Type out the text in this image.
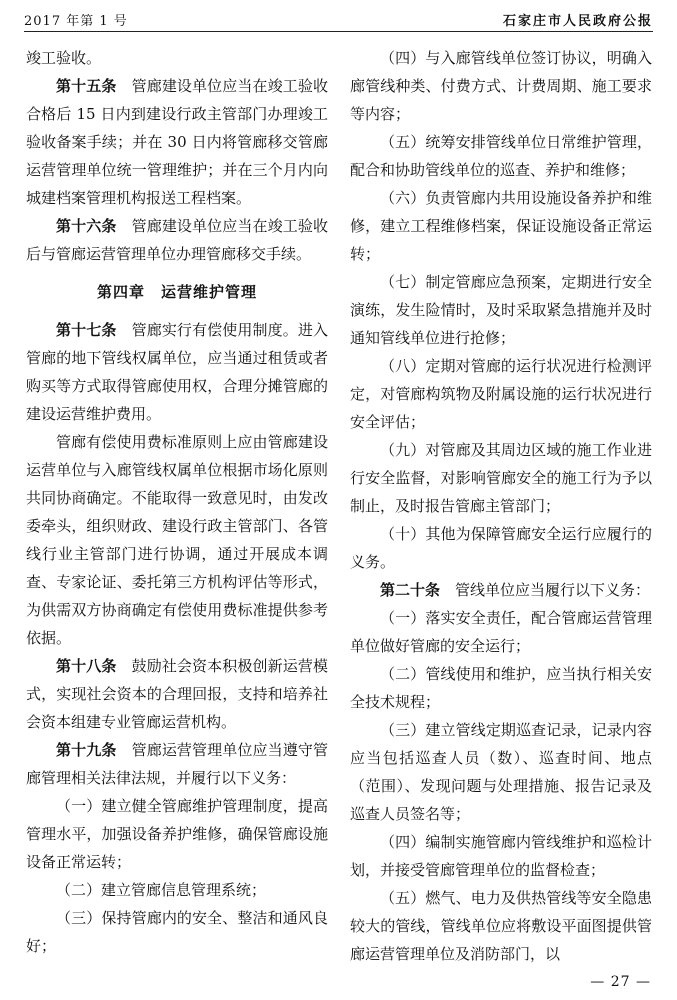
2017 年第 1 号	石家庄市人民政府公报

竣工验收。

第十五条　管廊建设单位应当在竣工验收合格后 15 日内到建设行政主管部门办理竣工验收备案手续；并在 30 日内将管廊移交管廊运营管理单位统一管理维护；并在三个月内向城建档案管理机构报送工程档案。

第十六条　管廊建设单位应当在竣工验收后与管廊运营管理单位办理管廊移交手续。

第四章　运营维护管理

第十七条　管廊实行有偿使用制度。进入管廊的地下管线权属单位，应当通过租赁或者购买等方式取得管廊使用权，合理分摊管廊的建设运营维护费用。

管廊有偿使用费标准原则上应由管廊建设运营单位与入廊管线权属单位根据市场化原则共同协商确定。不能取得一致意见时，由发改委牵头，组织财政、建设行政主管部门、各管线行业主管部门进行协调，通过开展成本调查、专家论证、委托第三方机构评估等形式，为供需双方协商确定有偿使用费标准提供参考依据。

第十八条　鼓励社会资本积极创新运营模式，实现社会资本的合理回报，支持和培养社会资本组建专业管廊运营机构。

第十九条　管廊运营管理单位应当遵守管廊管理相关法律法规，并履行以下义务：

（一）建立健全管廊维护管理制度，提高管理水平，加强设备养护维修，确保管廊设施设备正常运转；

（二）建立管廊信息管理系统；

（三）保持管廊内的安全、整洁和通风良好；

（四）与入廊管线单位签订协议，明确入廊管线种类、付费方式、计费周期、施工要求等内容；

（五）统筹安排管线单位日常维护管理，配合和协助管线单位的巡查、养护和维修；

（六）负责管廊内共用设施设备养护和维修，建立工程维修档案，保证设施设备正常运转；

（七）制定管廊应急预案，定期进行安全演练，发生险情时，及时采取紧急措施并及时通知管线单位进行抢修；

（八）定期对管廊的运行状况进行检测评定，对管廊构筑物及附属设施的运行状况进行安全评估；

（九）对管廊及其周边区域的施工作业进行安全监督，对影响管廊安全的施工行为予以制止，及时报告管廊主管部门；

（十）其他为保障管廊安全运行应履行的义务。

第二十条　管线单位应当履行以下义务：

（一）落实安全责任，配合管廊运营管理单位做好管廊的安全运行；

（二）管线使用和维护，应当执行相关安全技术规程；

（三）建立管线定期巡查记录，记录内容应当包括巡查人员（数）、巡查时间、地点（范围）、发现问题与处理措施、报告记录及巡查人员签名等；

（四）编制实施管廊内管线维护和巡检计划，并接受管廊管理单位的监督检查；

（五）燃气、电力及供热管线等安全隐患较大的管线，管线单位应将敷设平面图提供管廊运营管理单位及消防部门，以

— 27 —
